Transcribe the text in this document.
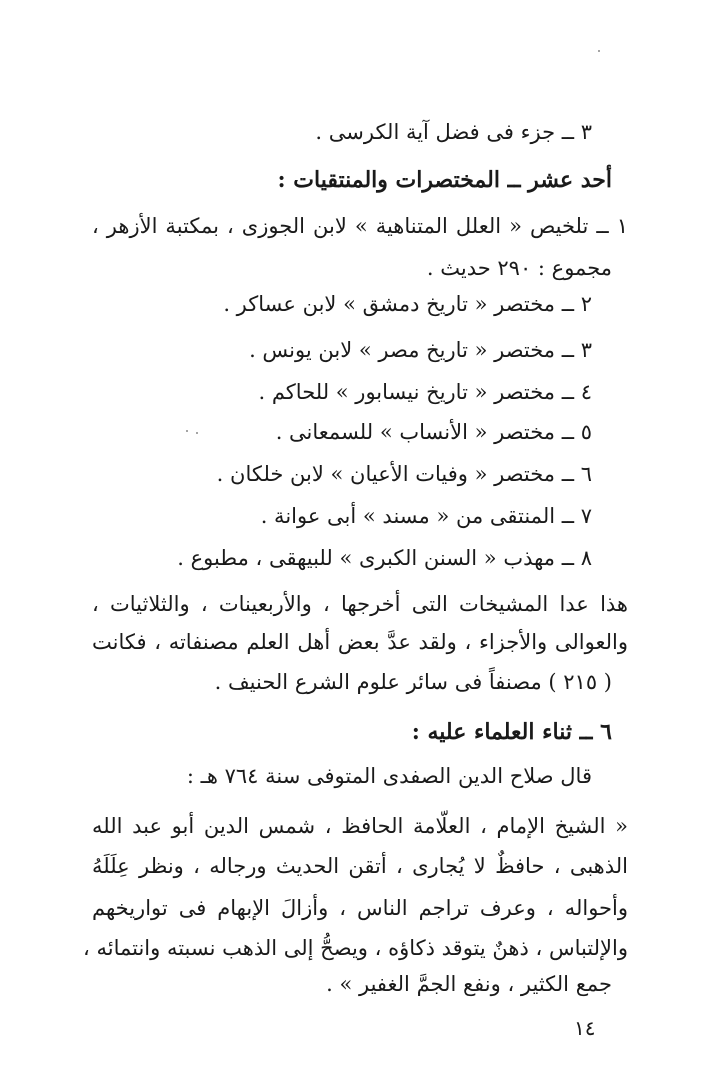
٣ ــ جزء فى فضل آية الكرسى .
أحد عشر ــ المختصرات والمنتقيات :
١ ــ تلخيص « العلل المتناهية » لابن الجوزى ، بمكتبة الأزهر ،
مجموع : ٢٩٠ حديث .
٢ ــ مختصر « تاريخ دمشق » لابن عساكر .
٣ ــ مختصر « تاريخ مصر » لابن يونس .
٤ ــ مختصر « تاريخ نيسابور » للحاكم .
٥ ــ مختصر « الأنساب » للسمعانى .
٦ ــ مختصر « وفيات الأعيان » لابن خلكان .
٧ ــ المنتقى من « مسند » أبى عوانة .
٨ ــ مهذب « السنن الكبرى » للبيهقى ، مطبوع .
هذا عدا المشيخات التى أخرجها ، والأربعينات ، والثلاثيات ،
والعوالى والأجزاء ، ولقد عدَّ بعض أهل العلم مصنفاته ، فكانت
( ٢١٥ ) مصنفاً فى سائر علوم الشرع الحنيف .
٦ ــ ثناء العلماء عليه :
قال صلاح الدين الصفدى المتوفى سنة ٧٦٤ هـ :
« الشيخ الإمام ، العلّامة الحافظ ، شمس الدين أبو عبد الله
الذهبى ، حافظٌ لا يُجارى ، أتقن الحديث ورجاله ، ونظر عِلَلَهُ
وأحواله ، وعرف تراجم الناس ، وأزالَ الإبهام فى تواريخهم
والإلتباس ، ذهنٌ يتوقد ذكاؤه ، ويصحُّ إلى الذهب نسبته وانتمائه ،
جمع الكثير ، ونفع الجمَّ الغفير » .
١٤
